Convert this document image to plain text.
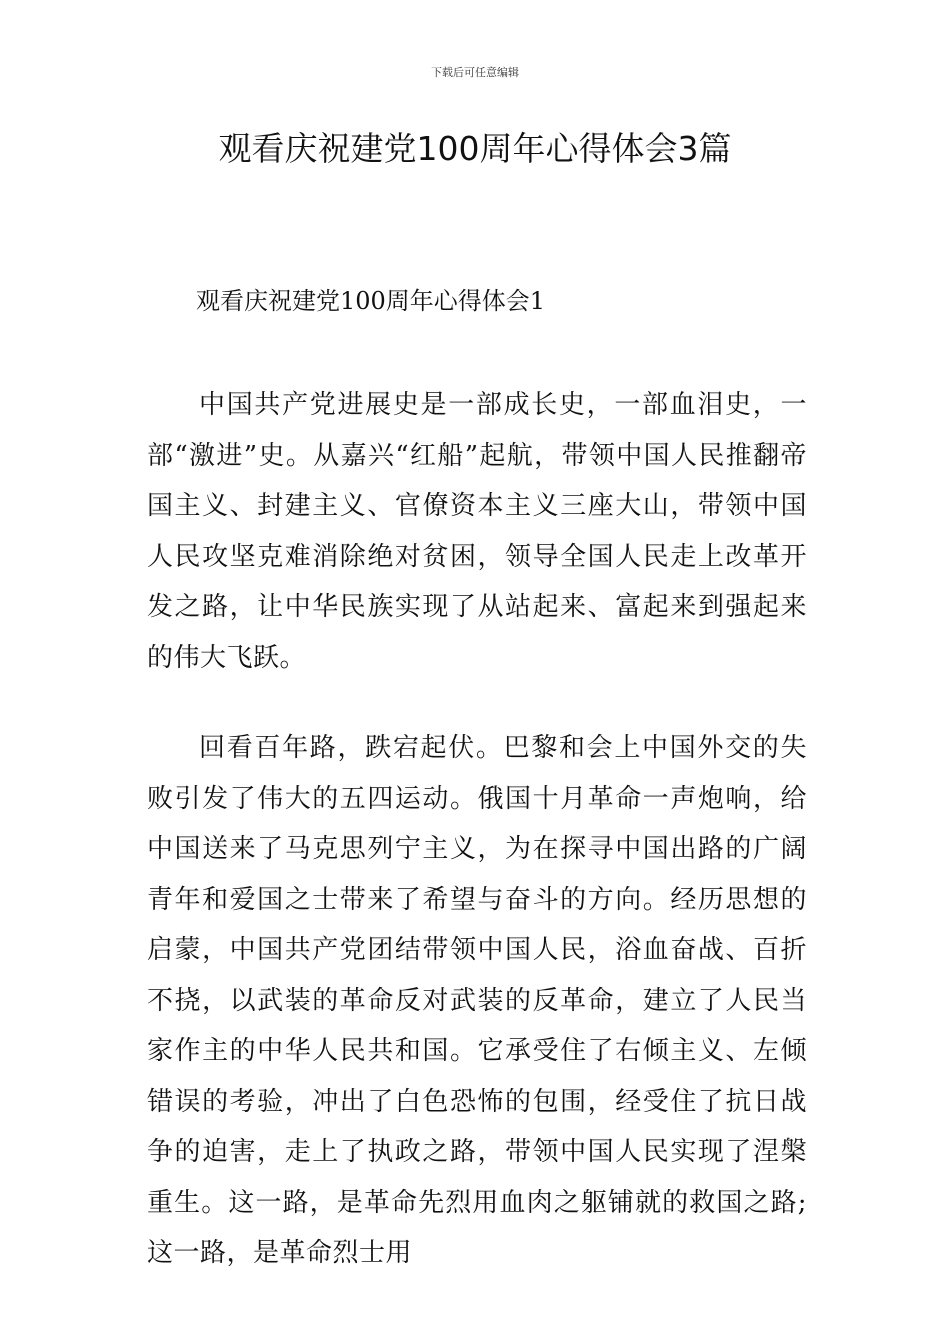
下载后可任意编辑
观看庆祝建党100周年心得体会3篇
观看庆祝建党100周年心得体会1

中国共产党进展史是一部成长史，一部血泪史，一部“激进”史。从嘉兴“红船”起航，带领中国人民推翻帝国主义、封建主义、官僚资本主义三座大山，带领中国人民攻坚克难消除绝对贫困，领导全国人民走上改革开发之路，让中华民族实现了从站起来、富起来到强起来的伟大飞跃。

回看百年路，跌宕起伏。巴黎和会上中国外交的失败引发了伟大的五四运动。俄国十月革命一声炮响，给中国送来了马克思列宁主义，为在探寻中国出路的广阔青年和爱国之士带来了希望与奋斗的方向。经历思想的启蒙，中国共产党团结带领中国人民，浴血奋战、百折不挠，以武装的革命反对武装的反革命，建立了人民当家作主的中华人民共和国。它承受住了右倾主义、左倾错误的考验，冲出了白色恐怖的包围，经受住了抗日战争的迫害，走上了执政之路，带领中国人民实现了涅槃重生。这一路，是革命先烈用血肉之躯铺就的救国之路;这一路，是革命烈士用
